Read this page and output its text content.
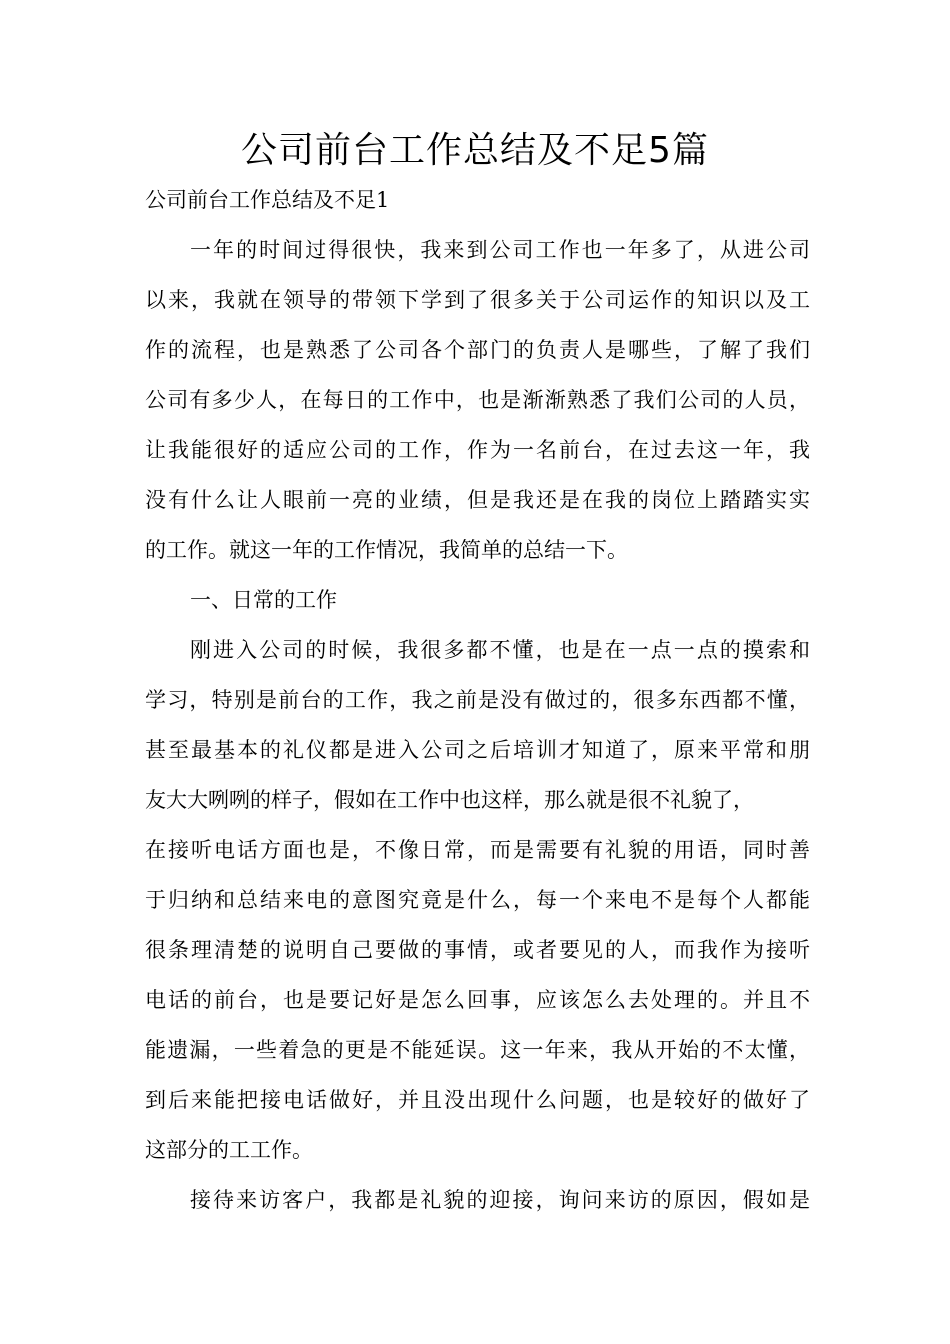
公司前台工作总结及不足5篇
公司前台工作总结及不足1
一年的时间过得很快，我来到公司工作也一年多了，从进公司
以来，我就在领导的带领下学到了很多关于公司运作的知识以及工
作的流程，也是熟悉了公司各个部门的负责人是哪些，了解了我们
公司有多少人，在每日的工作中，也是渐渐熟悉了我们公司的人员，
让我能很好的适应公司的工作，作为一名前台，在过去这一年，我
没有什么让人眼前一亮的业绩，但是我还是在我的岗位上踏踏实实
的工作。就这一年的工作情况，我简单的总结一下。
一、日常的工作
刚进入公司的时候，我很多都不懂，也是在一点一点的摸索和
学习，特别是前台的工作，我之前是没有做过的，很多东西都不懂，
甚至最基本的礼仪都是进入公司之后培训才知道了，原来平常和朋
友大大咧咧的样子，假如在工作中也这样，那么就是很不礼貌了，
在接听电话方面也是，不像日常，而是需要有礼貌的用语，同时善
于归纳和总结来电的意图究竟是什么，每一个来电不是每个人都能
很条理清楚的说明自己要做的事情，或者要见的人，而我作为接听
电话的前台，也是要记好是怎么回事，应该怎么去处理的。并且不
能遗漏，一些着急的更是不能延误。这一年来，我从开始的不太懂，
到后来能把接电话做好，并且没出现什么问题，也是较好的做好了
这部分的工工作。
接待来访客户，我都是礼貌的迎接，询问来访的原因，假如是
